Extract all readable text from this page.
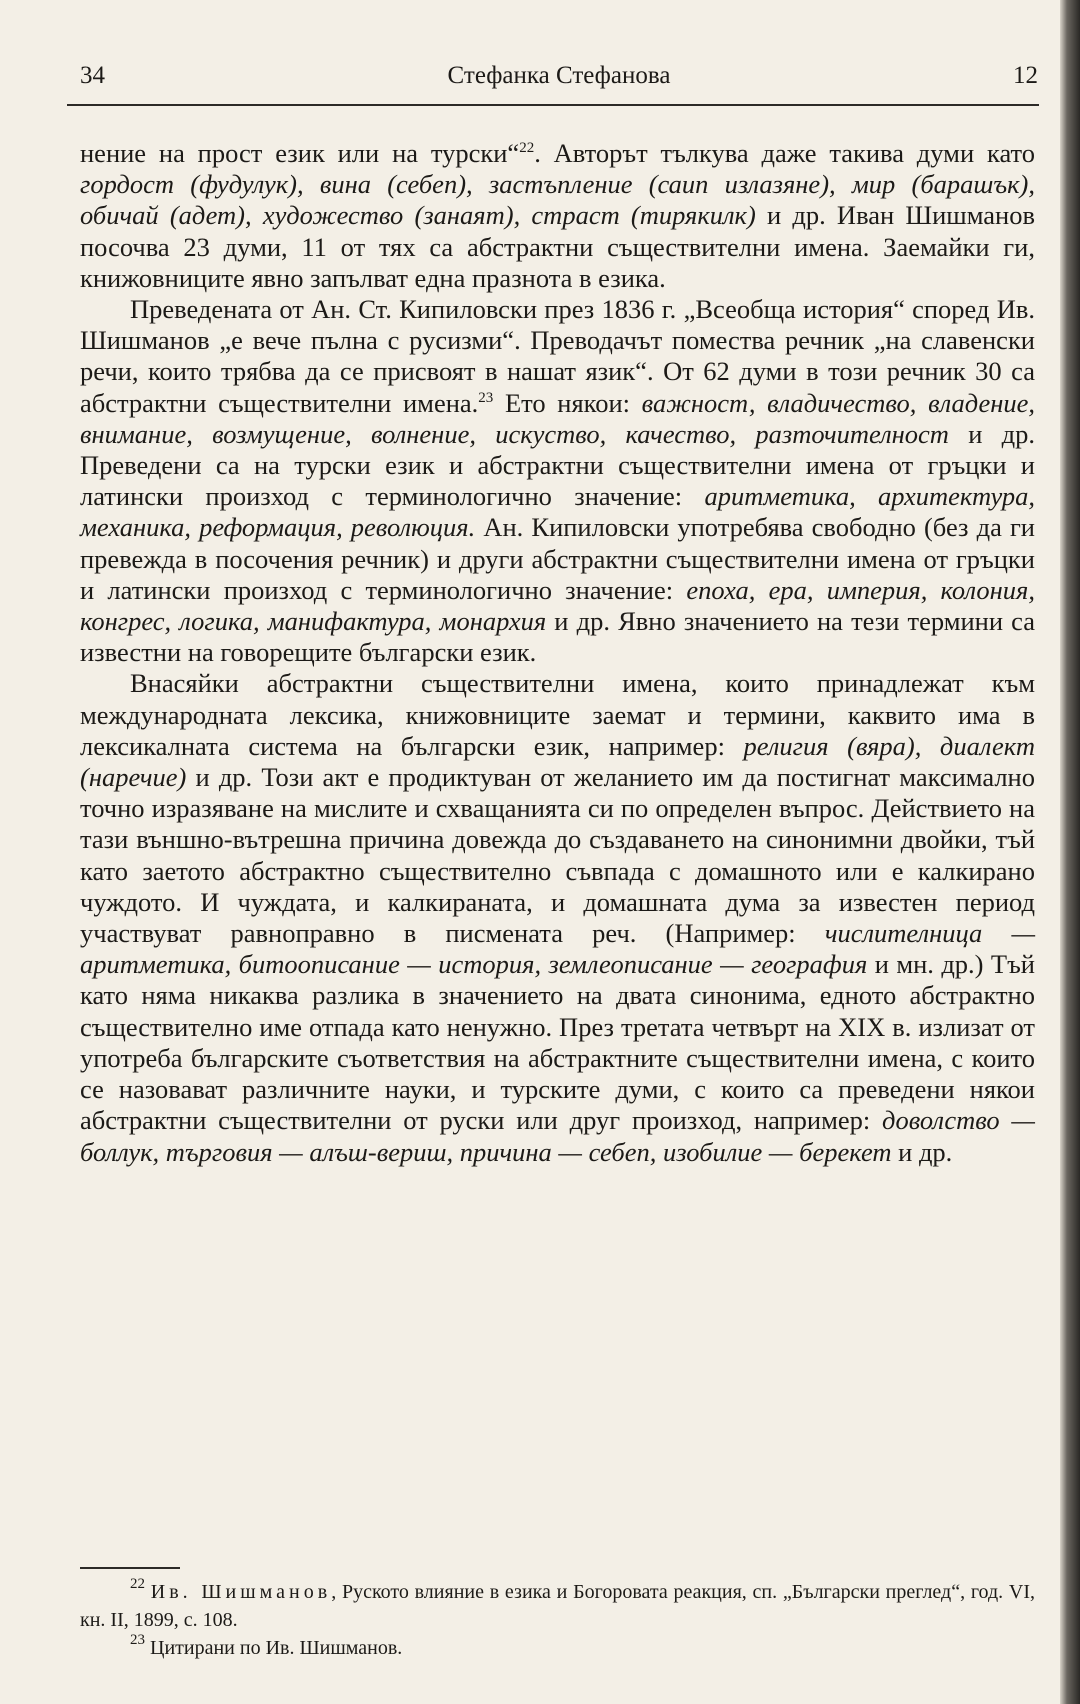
34	Стефанка Стефанова	12

нение на прост език или на турски“$^{22}$. Авторът тълкува даже такива думи като гордост (фудулук), вина (себеп), застъпление (саип излазяне), мир (барашък), обичай (адет), художество (занаят), страст (тирякилк) и др. Иван Шишманов посочва 23 думи, 11 от тях са абстрактни съществителни имена. Заемайки ги, книжовниците явно запълват една празнота в езика.

Преведената от Ан. Ст. Кипиловски през 1836 г. „Всеобща история“ според Ив. Шишманов „е вече пълна с русизми“. Преводачът помества речник „на славенски речи, които трябва да се присвоят в нашат язик“. От 62 думи в този речник 30 са абстрактни съществителни имена.$^{23}$ Ето някои: важност, владичество, владение, внимание, возмущение, волнение, искуство, качество, разточителност и др. Преведени са на турски език и абстрактни съществителни имена от гръцки и латински произход с терминологично значение: аритметика, архитектура, механика, реформация, революция. Ан. Кипиловски употребява свободно (без да ги превежда в посочения речник) и други абстрактни съществителни имена от гръцки и латински произход с терминологично значение: епоха, ера, империя, колония, конгрес, логика, манифактура, монархия и др. Явно значението на тези термини са известни на говорещите български език.

Внасяйки абстрактни съществителни имена, които принадлежат към международната лексика, книжовниците заемат и термини, каквито има в лексикалната система на български език, например: религия (вяра), диалект (наречие) и др. Този акт е продиктуван от желанието им да постигнат максимално точно изразяване на мислите и схващанията си по определен въпрос. Действието на тази външно-вътрешна причина довежда до създаването на синонимни двойки, тъй като заетото абстрактно съществително съвпада с домашното или е калкирано чуждото. И чуждата, и калкираната, и домашната дума за известен период участвуват равноправно в писмената реч. (Например: числителница — аритметика, битоописание — история, землеописание — география и мн. др.) Тъй като няма никаква разлика в значението на двата синонима, едното абстрактно съществително име отпада като ненужно. През третата четвърт на XIX в. излизат от употреба българските съответствия на абстрактните съществителни имена, с които се назовават различните науки, и турските думи, с които са преведени някои абстрактни съществителни от руски или друг произход, например: доволство — боллук, търговия — алъш-вериш, причина — себеп, изобилие — берекет и др.

$^{22}$ Ив. Шишманов, Руското влияние в езика и Богоровата реакция, сп. „Български преглед“, год. VI, кн. II, 1899, с. 108.

$^{23}$ Цитирани по Ив. Шишманов.
